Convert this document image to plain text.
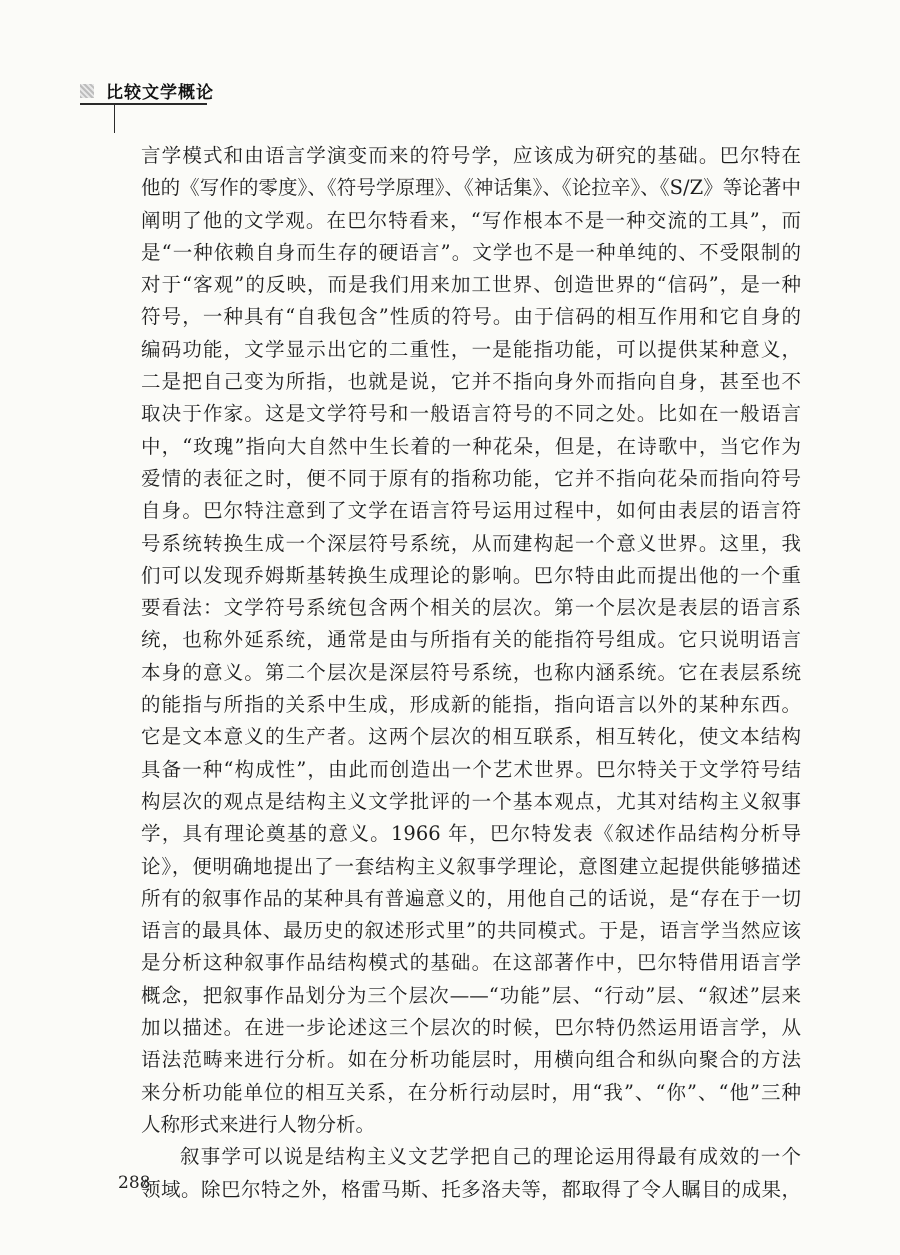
比较文学概论
言学模式和由语言学演变而来的符号学，应该成为研究的基础。巴尔特在
他的《写作的零度》、《符号学原理》、《神话集》、《论拉辛》、《S/Z》等论著中
阐明了他的文学观。在巴尔特看来，“写作根本不是一种交流的工具”，而
是“一种依赖自身而生存的硬语言”。文学也不是一种单纯的、不受限制的
对于“客观”的反映，而是我们用来加工世界、创造世界的“信码”，是一种
符号，一种具有“自我包含”性质的符号。由于信码的相互作用和它自身的
编码功能，文学显示出它的二重性，一是能指功能，可以提供某种意义，
二是把自己变为所指，也就是说，它并不指向身外而指向自身，甚至也不
取决于作家。这是文学符号和一般语言符号的不同之处。比如在一般语言
中，“玫瑰”指向大自然中生长着的一种花朵，但是，在诗歌中，当它作为
爱情的表征之时，便不同于原有的指称功能，它并不指向花朵而指向符号
自身。巴尔特注意到了文学在语言符号运用过程中，如何由表层的语言符
号系统转换生成一个深层符号系统，从而建构起一个意义世界。这里，我
们可以发现乔姆斯基转换生成理论的影响。巴尔特由此而提出他的一个重
要看法：文学符号系统包含两个相关的层次。第一个层次是表层的语言系
统，也称外延系统，通常是由与所指有关的能指符号组成。它只说明语言
本身的意义。第二个层次是深层符号系统，也称内涵系统。它在表层系统
的能指与所指的关系中生成，形成新的能指，指向语言以外的某种东西。
它是文本意义的生产者。这两个层次的相互联系，相互转化，使文本结构
具备一种“构成性”，由此而创造出一个艺术世界。巴尔特关于文学符号结
构层次的观点是结构主义文学批评的一个基本观点，尤其对结构主义叙事
学，具有理论奠基的意义。1966 年，巴尔特发表《叙述作品结构分析导
论》，便明确地提出了一套结构主义叙事学理论，意图建立起提供能够描述
所有的叙事作品的某种具有普遍意义的，用他自己的话说，是“存在于一切
语言的最具体、最历史的叙述形式里”的共同模式。于是，语言学当然应该
是分析这种叙事作品结构模式的基础。在这部著作中，巴尔特借用语言学
概念，把叙事作品划分为三个层次——“功能”层、“行动”层、“叙述”层来
加以描述。在进一步论述这三个层次的时候，巴尔特仍然运用语言学，从
语法范畴来进行分析。如在分析功能层时，用横向组合和纵向聚合的方法
来分析功能单位的相互关系，在分析行动层时，用“我”、“你”、“他”三种
人称形式来进行人物分析。
叙事学可以说是结构主义文艺学把自己的理论运用得最有成效的一个
领域。除巴尔特之外，格雷马斯、托多洛夫等，都取得了令人瞩目的成果，
288
